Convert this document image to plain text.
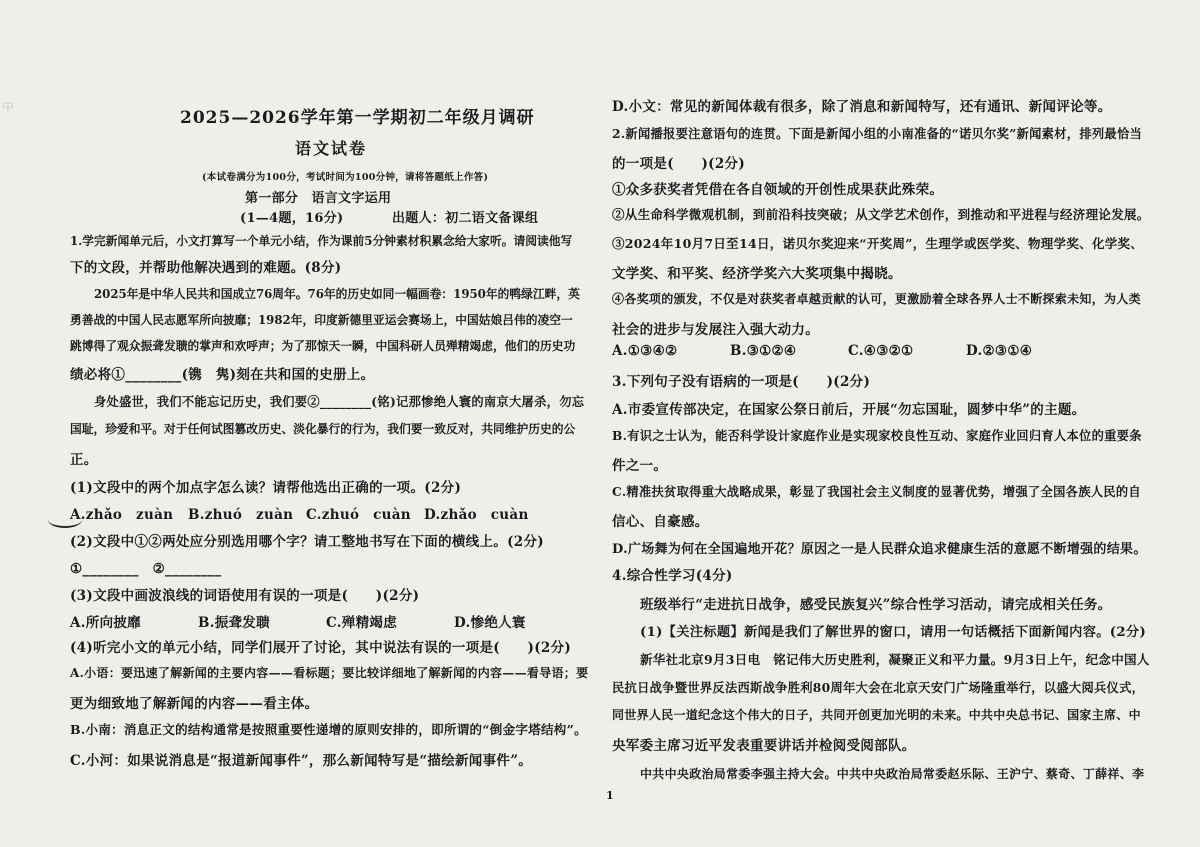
中　
2025—2026学年第一学期初二年级月调研
语文试卷
(本试卷满分为100分，考试时间为100分钟，请将答题纸上作答)
第一部分　语言文字运用
(1—4题，16分)	出题人：初二语文备课组
1.学完新闻单元后，小文打算写一个单元小结，作为课前5分钟素材积累念给大家听。请阅读他写
下的文段，并帮助他解决遇到的难题。(8分)
2025年是中华人民共和国成立76周年。76年的历史如同一幅画卷：1950年的鸭绿江畔，英
勇善战的中国人民志愿军所向披靡；1982年，印度新德里亚运会赛场上，中国姑娘吕伟的凌空一
跳博得了观众振聋发聩的掌声和欢呼声；为了那惊天一瞬，中国科研人员殚精竭虑，他们的历史功
绩必将①________(镌　隽)刻在共和国的史册上。
身处盛世，我们不能忘记历史，我们要②________(铭)记那惨绝人寰的南京大屠杀，勿忘
国耻，珍爱和平。对于任何试图篡改历史、淡化暴行的行为，我们要一致反对，共同维护历史的公
正。
(1)文段中的两个加点字怎么读？请帮他选出正确的一项。(2分)
A.zhǎo　zuàn B.zhuó　zuàn C.zhuó　cuàn D.zhǎo　cuàn
(2)文段中①②两处应分别选用哪个字？请工整地书写在下面的横线上。(2分)
①________　②________
(3)文段中画波浪线的词语使用有误的一项是(　　)(2分)
A.所向披靡	B.振聋发聩	C.殚精竭虑	D.惨绝人寰
(4)听完小文的单元小结，同学们展开了讨论，其中说法有误的一项是(　　)(2分)
A.小语：要迅速了解新闻的主要内容——看标题；要比较详细地了解新闻的内容——看导语；要
更为细致地了解新闻的内容——看主体。
B.小南：消息正文的结构通常是按照重要性递增的原则安排的，即所谓的“倒金字塔结构”。
C.小河：如果说消息是“报道新闻事件”，那么新闻特写是“描绘新闻事件”。
D.小文：常见的新闻体裁有很多，除了消息和新闻特写，还有通讯、新闻评论等。
2.新闻播报要注意语句的连贯。下面是新闻小组的小南准备的“诺贝尔奖”新闻素材，排列最恰当
的一项是(　　)(2分)
①众多获奖者凭借在各自领域的开创性成果获此殊荣。
②从生命科学微观机制，到前沿科技突破；从文学艺术创作，到推动和平进程与经济理论发展。
③2024年10月7日至14日，诺贝尔奖迎来“开奖周”，生理学或医学奖、物理学奖、化学奖、
文学奖、和平奖、经济学奖六大奖项集中揭晓。
④各奖项的颁发，不仅是对获奖者卓越贡献的认可，更激励着全球各界人士不断探索未知，为人类
社会的进步与发展注入强大动力。
A.①③④②	B.③①②④	C.④③②①	D.②③①④
3.下列句子没有语病的一项是(　　)(2分)
A.市委宣传部决定，在国家公祭日前后，开展“勿忘国耻，圆梦中华”的主题。
B.有识之士认为，能否科学设计家庭作业是实现家校良性互动、家庭作业回归育人本位的重要条
件之一。
C.精准扶贫取得重大战略成果，彰显了我国社会主义制度的显著优势，增强了全国各族人民的自
信心、自豪感。
D.广场舞为何在全国遍地开花？原因之一是人民群众追求健康生活的意愿不断增强的结果。
4.综合性学习(4分)
班级举行“走进抗日战争，感受民族复兴”综合性学习活动，请完成相关任务。
(1)【关注标题】新闻是我们了解世界的窗口，请用一句话概括下面新闻内容。(2分)
新华社北京9月3日电　铭记伟大历史胜利，凝聚正义和平力量。9月3日上午，纪念中国人
民抗日战争暨世界反法西斯战争胜利80周年大会在北京天安门广场隆重举行，以盛大阅兵仪式，
同世界人民一道纪念这个伟大的日子，共同开创更加光明的未来。中共中央总书记、国家主席、中
央军委主席习近平发表重要讲话并检阅受阅部队。
中共中央政治局常委李强主持大会。中共中央政治局常委赵乐际、王沪宁、蔡奇、丁薛祥、李
1
